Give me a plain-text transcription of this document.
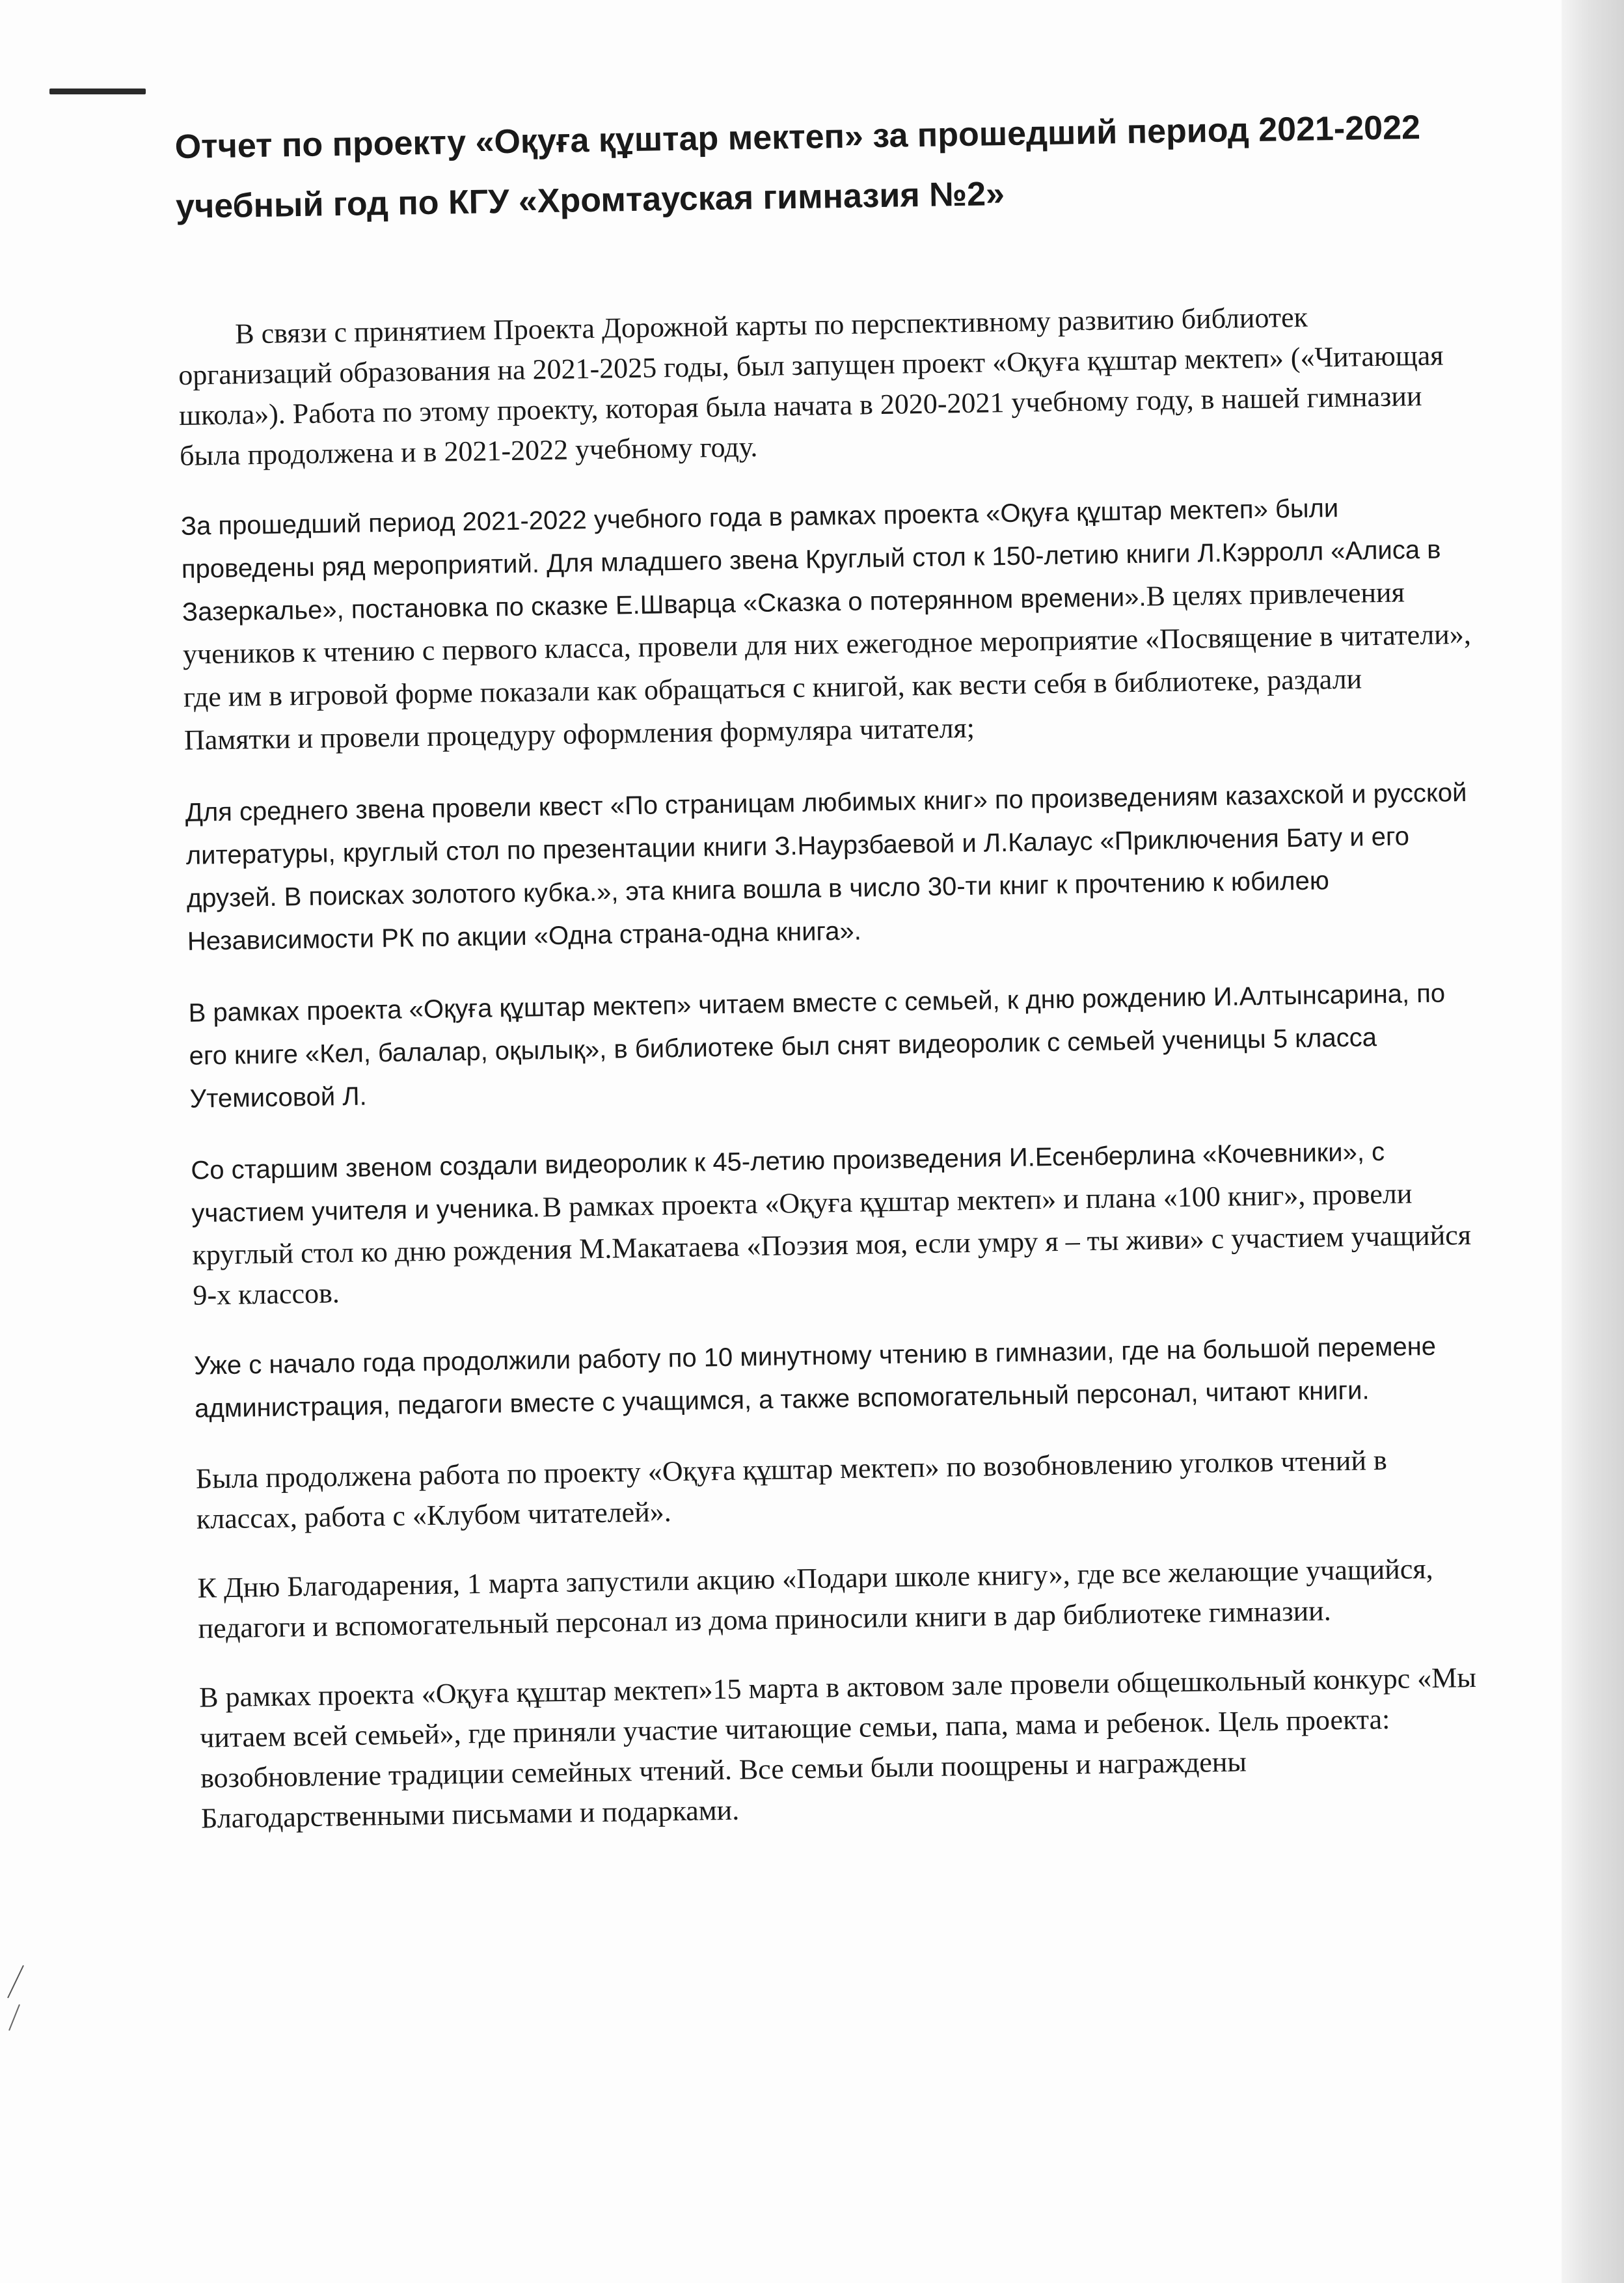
Отчет по проекту «Оқуға құштар мектеп» за прошедший период 2021-2022 учебный год по КГУ «Хромтауская гимназия №2»

В связи с принятием Проекта Дорожной карты по перспективному развитию библиотек организаций образования на 2021-2025 годы, был запущен проект «Оқуға құштар мектеп» («Читающая школа»). Работа по этому проекту, которая была начата в 2020-2021 учебному году, в нашей гимназии была продолжена и в 2021-2022 учебному году.

За прошедший период 2021-2022 учебного года в рамках проекта «Оқуға құштар мектеп» были проведены ряд мероприятий. Для младшего звена Круглый стол к 150-летию книги Л.Кэрролл «Алиса в Зазеркалье», постановка по сказке Е.Шварца «Сказка о потерянном времени».В целях привлечения учеников к чтению с первого класса, провели для них ежегодное мероприятие «Посвящение в читатели», где им в игровой форме показали как обращаться с книгой, как вести себя в библиотеке, раздали Памятки и провели процедуру оформления формуляра читателя;

Для среднего звена провели квест «По страницам любимых книг» по произведениям казахской и русской литературы, круглый стол по презентации книги З.Наурзбаевой и Л.Калаус «Приключения Бату и его друзей. В поисках золотого кубка.», эта книга вошла в число 30-ти книг к прочтению к юбилею Независимости РК по акции «Одна страна-одна книга».

В рамках проекта «Оқуға құштар мектеп» читаем вместе с семьей, к дню рождению И.Алтынсарина, по его книге «Кел, балалар, оқылық», в библиотеке был снят видеоролик с семьей ученицы 5 класса Утемисовой Л.

Со старшим звеном создали видеоролик к 45-летию произведения И.Есенберлина «Кочевники», с участием учителя и ученика. В рамках проекта «Оқуға құштар мектеп» и плана «100 книг», провели круглый стол ко дню рождения М.Макатаева «Поэзия моя, если умру я – ты живи» с участием учащийся 9-х классов.

Уже с начало года продолжили работу по 10 минутному чтению в гимназии, где на большой перемене администрация, педагоги вместе с учащимся, а также вспомогательный персонал, читают книги.

Была продолжена работа по проекту «Оқуға құштар мектеп» по возобновлению уголков чтений в классах, работа с «Клубом читателей».

К Дню Благодарения, 1 марта запустили акцию «Подари школе книгу», где все желающие учащийся, педагоги и вспомогательный персонал из дома приносили книги в дар библиотеке гимназии.

В рамках проекта «Оқуға құштар мектеп»15 марта в актовом зале провели общешкольный конкурс «Мы читаем всей семьей», где приняли участие читающие семьи, папа, мама и ребенок. Цель проекта: возобновление традиции семейных чтений. Все семьи были поощрены и награждены Благодарственными письмами и подарками.
